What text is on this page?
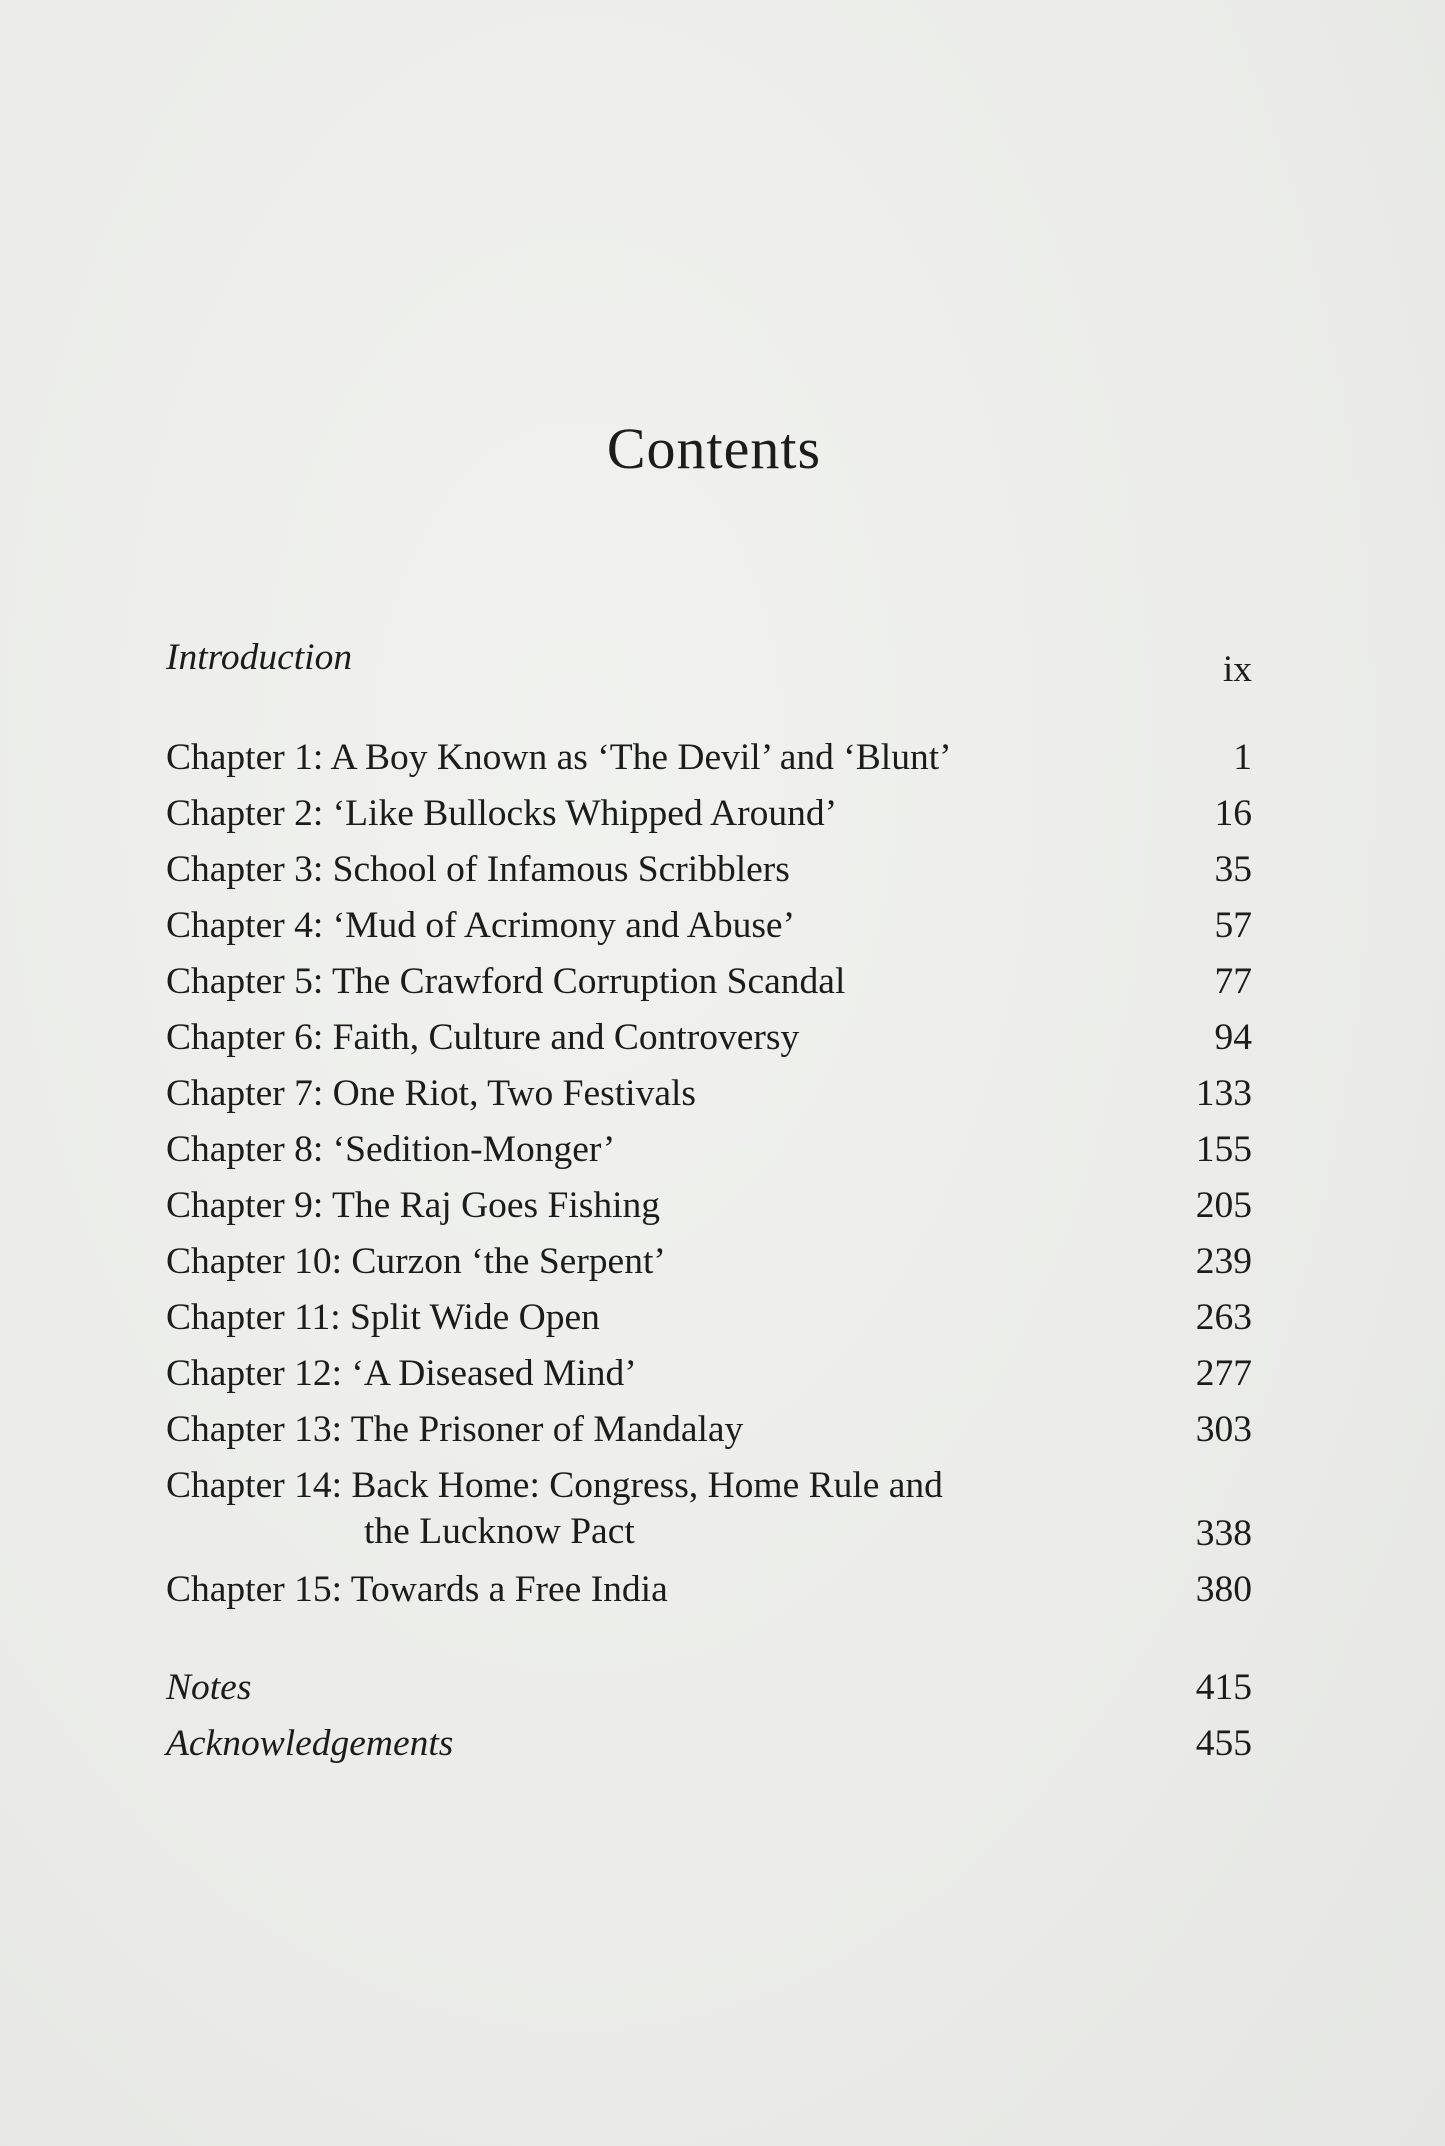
Contents
Introduction	ix
Chapter 1: A Boy Known as ‘The Devil’ and ‘Blunt’	1
Chapter 2: ‘Like Bullocks Whipped Around’	16
Chapter 3: School of Infamous Scribblers	35
Chapter 4: ‘Mud of Acrimony and Abuse’	57
Chapter 5: The Crawford Corruption Scandal	77
Chapter 6: Faith, Culture and Controversy	94
Chapter 7: One Riot, Two Festivals	133
Chapter 8: ‘Sedition-Monger’	155
Chapter 9: The Raj Goes Fishing	205
Chapter 10: Curzon ‘the Serpent’	239
Chapter 11: Split Wide Open	263
Chapter 12: ‘A Diseased Mind’	277
Chapter 13: The Prisoner of Mandalay	303
Chapter 14: Back Home: Congress, Home Rule and
the Lucknow Pact	338
Chapter 15: Towards a Free India	380
Notes	415
Acknowledgements	455
